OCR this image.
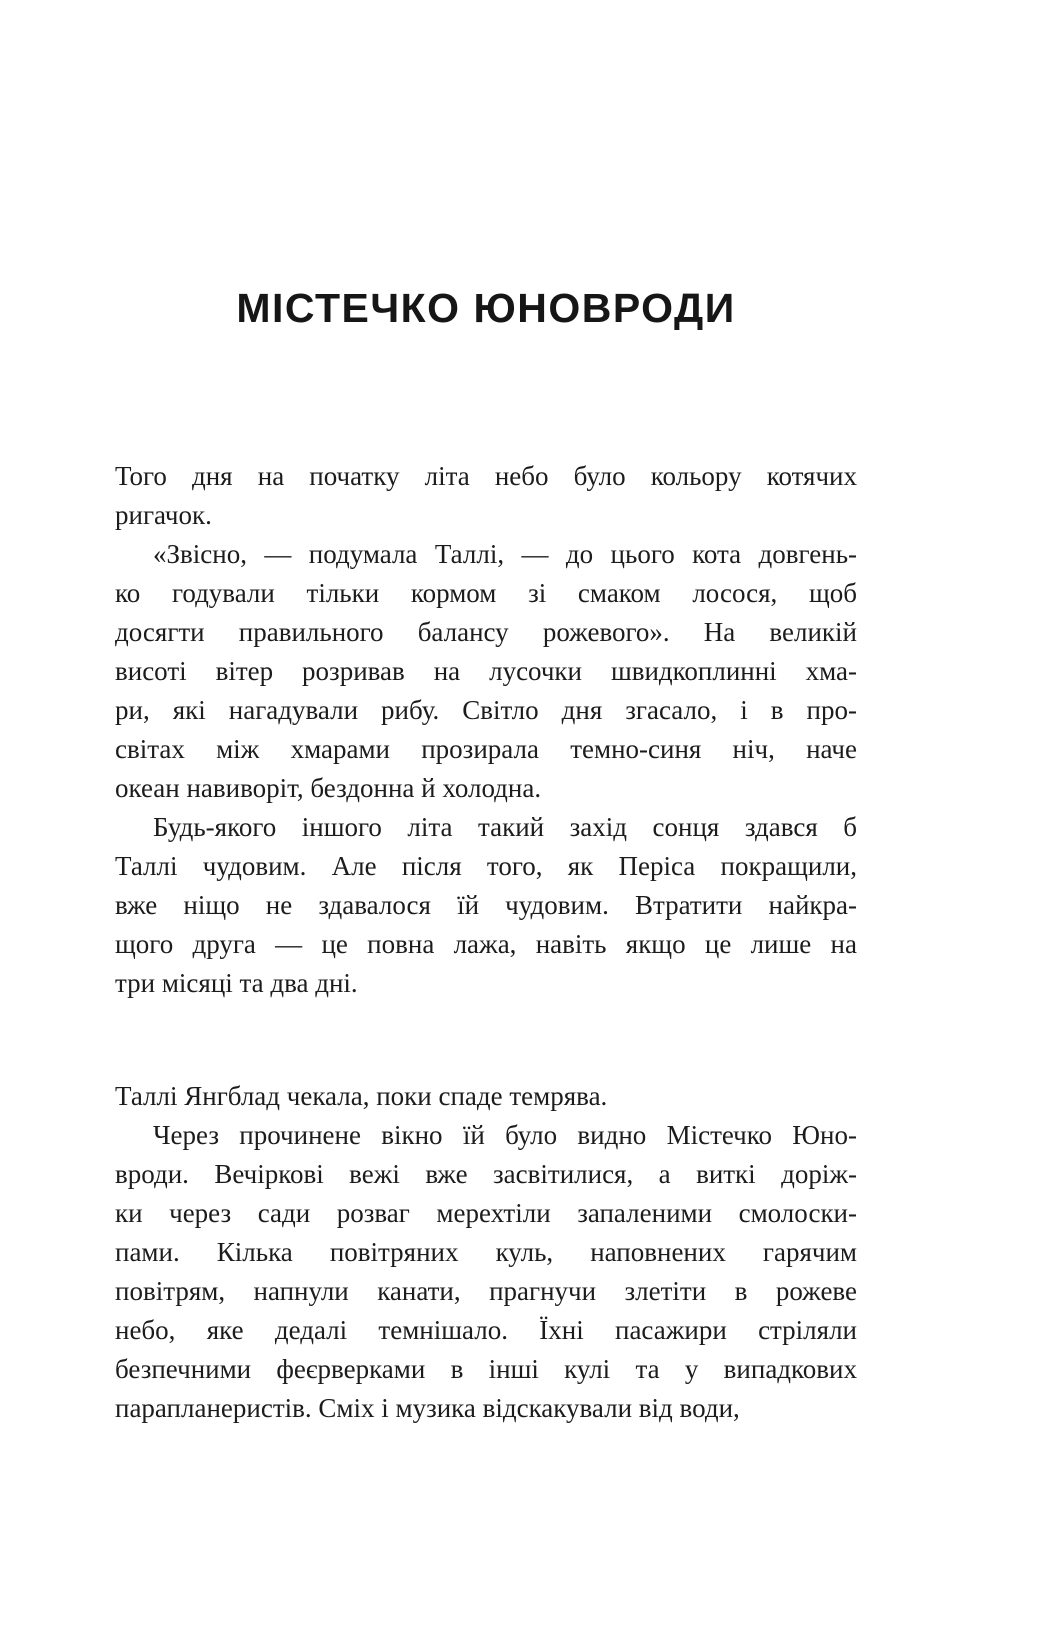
МІСТЕЧКО ЮНОВРОДИ
Того дня на початку літа небо було кольору котячих
ригачок.
«Звісно, — подумала Таллі, — до цього кота довгень-
ко годували тільки кормом зі смаком лосося, щоб
досягти правильного балансу рожевого». На великій
висоті вітер розривав на лусочки швидкоплинні хма-
ри, які нагадували рибу. Світло дня згасало, і в про-
світах між хмарами прозирала темно-синя ніч, наче
океан навиворіт, бездонна й холодна.
Будь-якого іншого літа такий захід сонця здався б
Таллі чудовим. Але після того, як Періса покращили,
вже ніщо не здавалося їй чудовим. Втратити найкра-
щого друга — це повна лажа, навіть якщо це лише на
три місяці та два дні.
Таллі Янгблад чекала, поки спаде темрява.
Через прочинене вікно їй було видно Містечко Юно-
вроди. Вечіркові вежі вже засвітилися, а виткі доріж-
ки через сади розваг мерехтіли запаленими смолоски-
пами. Кілька повітряних куль, наповнених гарячим
повітрям, напнули канати, прагнучи злетіти в рожеве
небо, яке дедалі темнішало. Їхні пасажири стріляли
безпечними феєрверками в інші кулі та у випадкових
парапланеристів. Сміх і музика відскакували від води,
